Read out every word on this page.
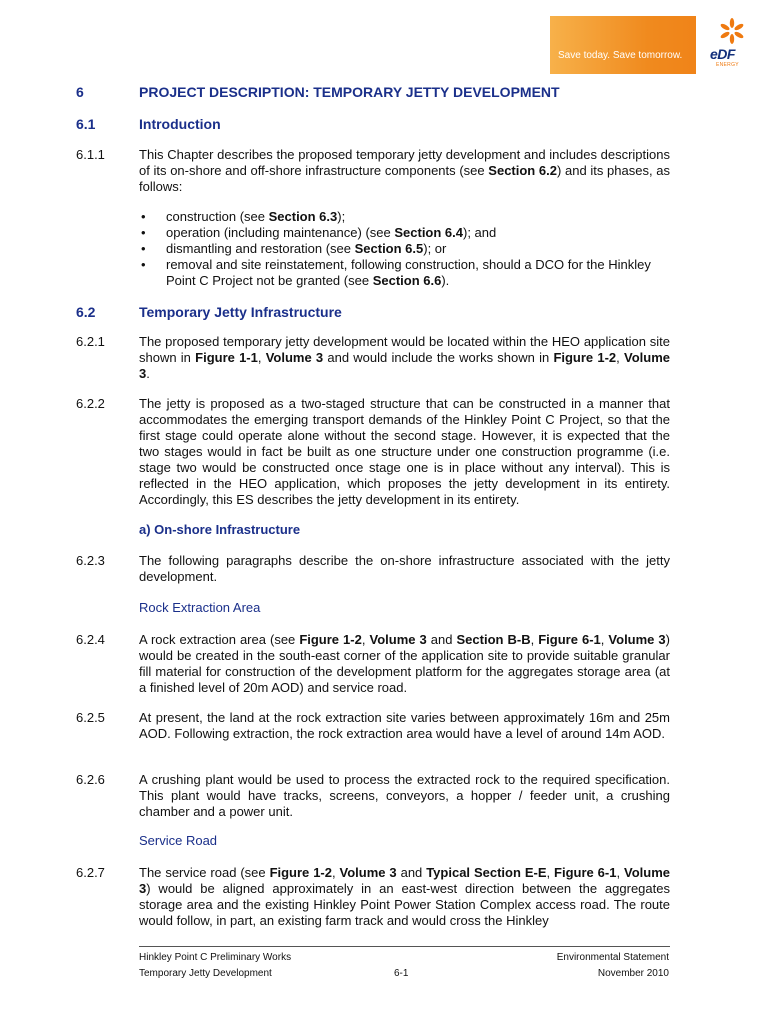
Save today. Save tomorrow. eDF
ENERGY
6	PROJECT DESCRIPTION: TEMPORARY JETTY DEVELOPMENT
6.1	Introduction
6.1.1	This Chapter describes the proposed temporary jetty development and includes descriptions of its on-shore and off-shore infrastructure components (see Section 6.2) and its phases, as follows:

• construction (see Section 6.3);
• operation (including maintenance) (see Section 6.4); and
• dismantling and restoration (see Section 6.5); or
• removal and site reinstatement, following construction, should a DCO for the Hinkley Point C Project not be granted (see Section 6.6).
6.2	Temporary Jetty Infrastructure
6.2.1	The proposed temporary jetty development would be located within the HEO application site shown in Figure 1-1, Volume 3 and would include the works shown in Figure 1-2, Volume 3.

6.2.2	The jetty is proposed as a two-staged structure that can be constructed in a manner that accommodates the emerging transport demands of the Hinkley Point C Project, so that the first stage could operate alone without the second stage. However, it is expected that the two stages would in fact be built as one structure under one construction programme (i.e. stage two would be constructed once stage one is in place without any interval). This is reflected in the HEO application, which proposes the jetty development in its entirety. Accordingly, this ES describes the jetty development in its entirety.

a) On-shore Infrastructure
6.2.3	The following paragraphs describe the on-shore infrastructure associated with the jetty development.

Rock Extraction Area
6.2.4	A rock extraction area (see Figure 1-2, Volume 3 and Section B-B, Figure 6-1, Volume 3) would be created in the south-east corner of the application site to provide suitable granular fill material for construction of the development platform for the aggregates storage area (at a finished level of 20m AOD) and service road.

6.2.5	At present, the land at the rock extraction site varies between approximately 16m and 25m AOD. Following extraction, the rock extraction area would have a level of around 14m AOD.

6.2.6	A crushing plant would be used to process the extracted rock to the required specification. This plant would have tracks, screens, conveyors, a hopper / feeder unit, a crushing chamber and a power unit.

Service Road
6.2.7	The service road (see Figure 1-2, Volume 3 and Typical Section E-E, Figure 6-1, Volume 3) would be aligned approximately in an east-west direction between the aggregates storage area and the existing Hinkley Point Power Station Complex access road. The route would follow, in part, an existing farm track and would cross the Hinkley

Hinkley Point C Preliminary Works
Temporary Jetty Development	6-1
Environmental Statement
November 2010
